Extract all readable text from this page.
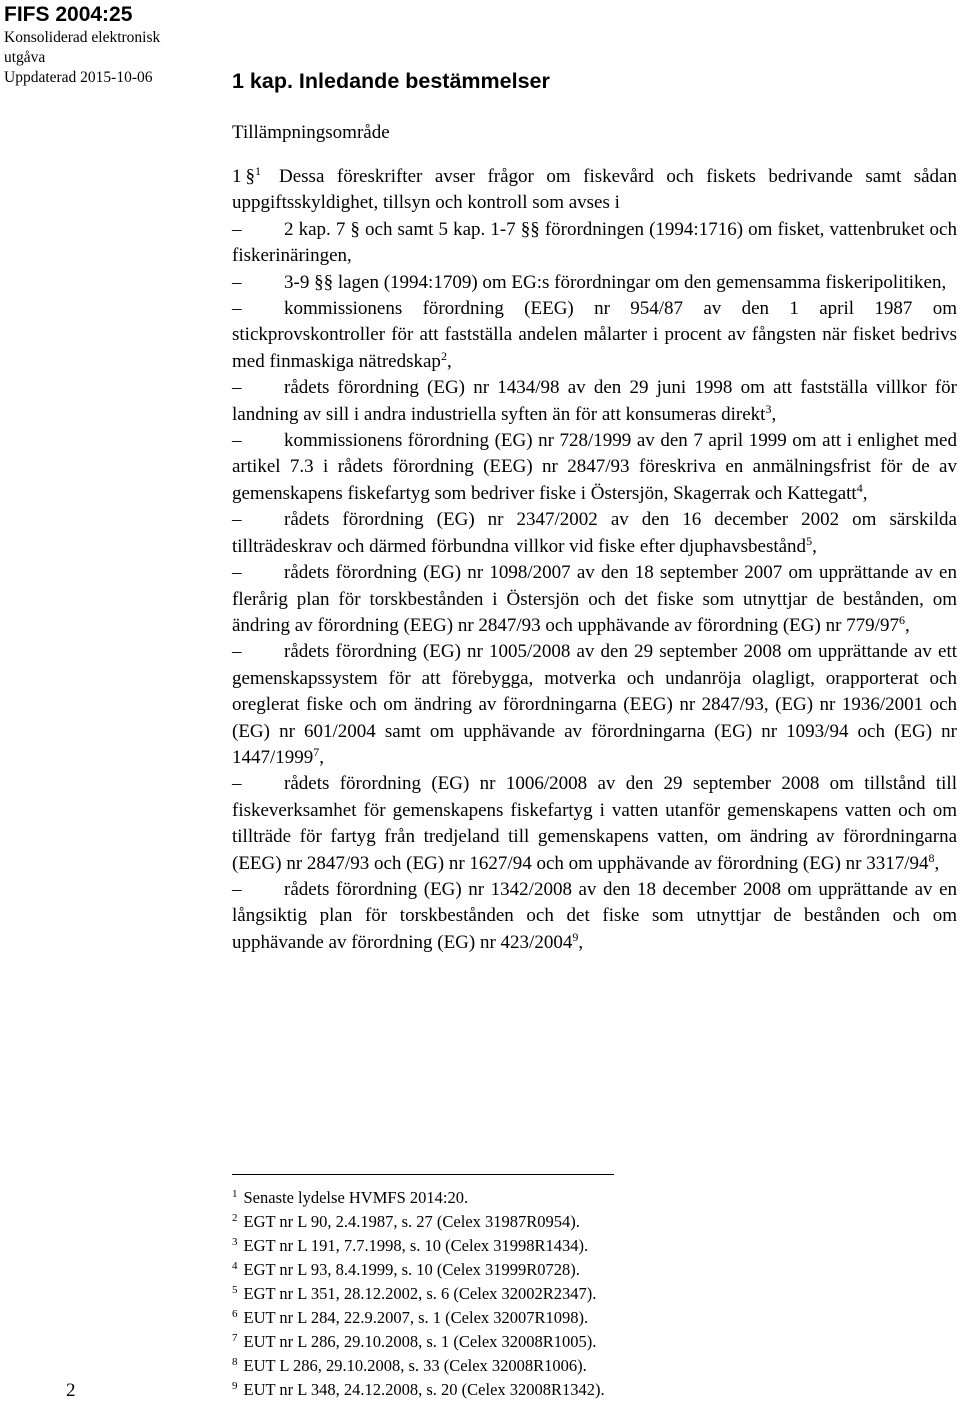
FIFS 2004:25
Konsoliderad elektronisk
utgåva
Uppdaterad 2015-10-06	1 kap. Inledande bestämmelser
Tillämpningsområde

1 §$^1$ Dessa föreskrifter avser frågor om fiskevård och fiskets bedrivande samt sådan uppgiftsskyldighet, tillsyn och kontroll som avses i

– 2 kap. 7 § och samt 5 kap. 1-7 §§ förordningen (1994:1716) om fisket, vattenbruket och fiskerinäringen,

– 3-9 §§ lagen (1994:1709) om EG:s förordningar om den gemensamma fiskeripolitiken,

– kommissionens förordning (EEG) nr 954/87 av den 1 april 1987 om stickprovskontroller för att fastställa andelen målarter i procent av fångsten när fisket bedrivs med finmaskiga nätredskap$^2$,

– rådets förordning (EG) nr 1434/98 av den 29 juni 1998 om att fastställa villkor för landning av sill i andra industriella syften än för att konsumeras direkt$^3$,

– kommissionens förordning (EG) nr 728/1999 av den 7 april 1999 om att i enlighet med artikel 7.3 i rådets förordning (EEG) nr 2847/93 föreskriva en anmälningsfrist för de av gemenskapens fiskefartyg som bedriver fiske i Östersjön, Skagerrak och Kattegatt$^4$,

– rådets förordning (EG) nr 2347/2002 av den 16 december 2002 om särskilda tillträdeskrav och därmed förbundna villkor vid fiske efter djuphavsbestånd$^5$,

– rådets förordning (EG) nr 1098/2007 av den 18 september 2007 om upprättande av en flerårig plan för torskbestånden i Östersjön och det fiske som utnyttjar de bestånden, om ändring av förordning (EEG) nr 2847/93 och upphävande av förordning (EG) nr $779/97^6$,

– rådets förordning (EG) nr 1005/2008 av den 29 september 2008 om upprättande av ett gemenskapssystem för att förebygga, motverka och undanröja olagligt, orapporterat och oreglerat fiske och om ändring av förordningarna (EEG) nr 2847/93, (EG) nr 1936/2001 och (EG) nr 601/2004 samt om upphävande av förordningarna (EG) nr 1093/94 och (EG) nr 1447/1999$^7$,

– rådets förordning (EG) nr 1006/2008 av den 29 september 2008 om tillstånd till fiskeverksamhet för gemenskapens fiskefartyg i vatten utanför gemenskapens vatten och om tillträde för fartyg från tredjeland till gemenskapens vatten, om ändring av förordningarna (EEG) nr 2847/93 och (EG) nr 1627/94 och om upphävande av förordning (EG) nr $3317/94^8$,

– rådets förordning (EG) nr 1342/2008 av den 18 december 2008 om upprättande av en långsiktig plan för torskbestånden och det fiske som utnyttjar de bestånden och om upphävande av förordning (EG) nr 423/2004$^9$,

$^1$ Senaste lydelse HVMFS 2014:20.
$^2$ EGT nr L 90, 2.4.1987, s. 27 (Celex 31987R0954).
$^3$ EGT nr L 191, 7.7.1998, s. 10 (Celex 31998R1434).
$^4$ EGT nr L 93, 8.4.1999, s. 10 (Celex 31999R0728).
$^5$ EGT nr L 351, 28.12.2002, s. 6 (Celex 32002R2347).
$^6$ EUT nr L 284, 22.9.2007, s. 1 (Celex 32007R1098).
$^7$ EUT nr L 286, 29.10.2008, s. 1 (Celex 32008R1005).
$^8$ EUT L 286, 29.10.2008, s. 33 (Celex 32008R1006).
$^9$ EUT nr L 348, 24.12.2008, s. 20 (Celex 32008R1342).
2
